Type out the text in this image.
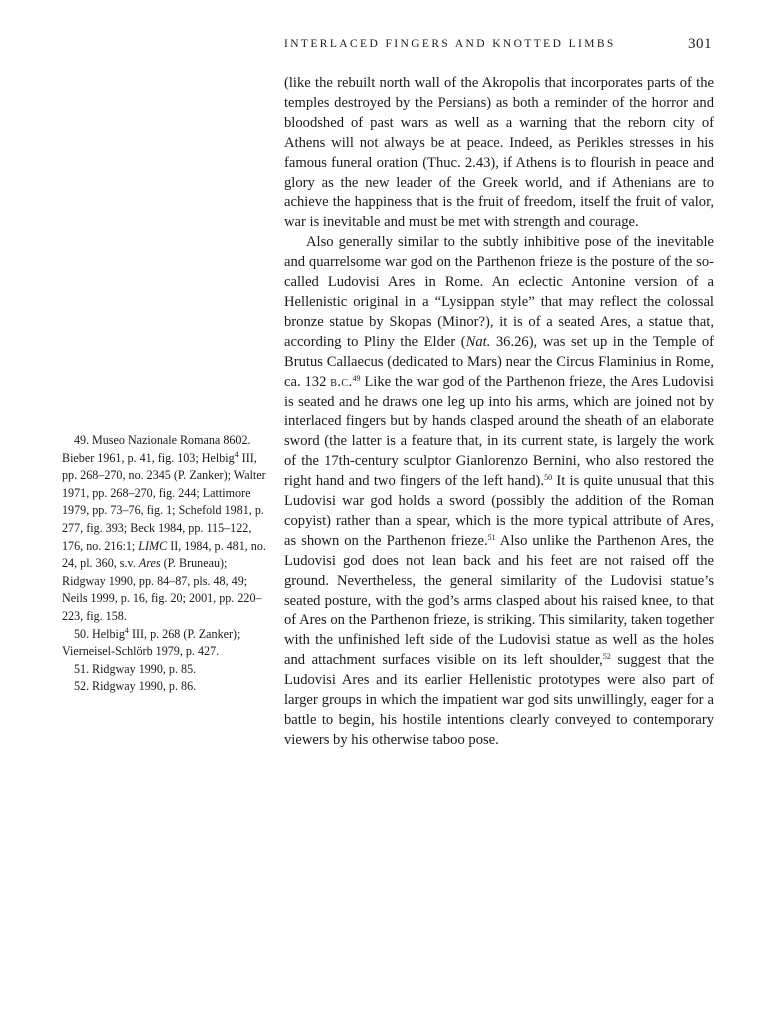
INTERLACED FINGERS AND KNOTTED LIMBS	301

(like the rebuilt north wall of the Akropolis that incorporates parts of the temples destroyed by the Persians) as both a reminder of the horror and bloodshed of past wars as well as a warning that the reborn city of Athens will not always be at peace. Indeed, as Perikles stresses in his famous funeral oration (Thuc. 2.43), if Athens is to flourish in peace and glory as the new leader of the Greek world, and if Athenians are to achieve the happiness that is the fruit of freedom, itself the fruit of valor, war is inevitable and must be met with strength and courage.

Also generally similar to the subtly inhibitive pose of the inevitable and quarrelsome war god on the Parthenon frieze is the posture of the so-called Ludovisi Ares in Rome. An eclectic Antonine version of a Hellenistic original in a “Lysippan style” that may reflect the colossal bronze statue by Skopas (Minor?), it is of a seated Ares, a statue that, according to Pliny the Elder (Nat. 36.26), was set up in the Temple of Brutus Callaecus (dedicated to Mars) near the Circus Flaminius in Rome, ca. 132 b.c.$^{49}$ Like the war god of the Parthenon frieze, the Ares Ludovisi is seated and he draws one leg up into his arms, which are joined not by interlaced fingers but by hands clasped around the sheath of an elaborate sword (the latter is a feature that, in its current state, is largely the work of the 17th-century sculptor Gianlorenzo Bernini, who also restored the right hand and two fingers of the left hand).$^{50}$ It is quite unusual that this Ludovisi war god holds a sword (possibly the addition of the Roman copyist) rather than a spear, which is the more typical attribute of Ares, as shown on the Parthenon frieze.$^{51}$ Also unlike the Parthenon Ares, the Ludovisi god does not lean back and his feet are not raised off the ground. Nevertheless, the general similarity of the Ludovisi statue’s seated posture, with the god’s arms clasped about his raised knee, to that of Ares on the Parthenon frieze, is striking. This similarity, taken together with the unfinished left side of the Ludovisi statue as well as the holes and attachment surfaces visible on its left shoulder,$^{52}$ suggest that the Ludovisi Ares and its earlier Hellenistic prototypes were also part of larger groups in which the impatient war god sits unwillingly, eager for a battle to begin, his hostile intentions clearly conveyed to contemporary viewers by his otherwise taboo pose.

49. Museo Nazionale Romana 8602. Bieber 1961, p. 41, fig. 103; Helbig$^4$ III, pp. 268–270, no. 2345 (P. Zanker); Walter 1971, pp. 268–270, fig. 244; Lattimore 1979, pp. 73–76, fig. 1; Schefold 1981, p. 277, fig. 393; Beck 1984, pp. 115–122, 176, no. 216:1; LIMC II, 1984, p. 481, no. 24, pl. 360, s.v. Ares (P. Bruneau); Ridgway 1990, pp. 84–87, pls. 48, 49; Neils 1999, p. 16, fig. 20; 2001, pp. 220–223, fig. 158.

50. Helbig$^4$ III, p. 268 (P. Zanker); Vierneisel-Schlörb 1979, p. 427.

51. Ridgway 1990, p. 85.

52. Ridgway 1990, p. 86.
